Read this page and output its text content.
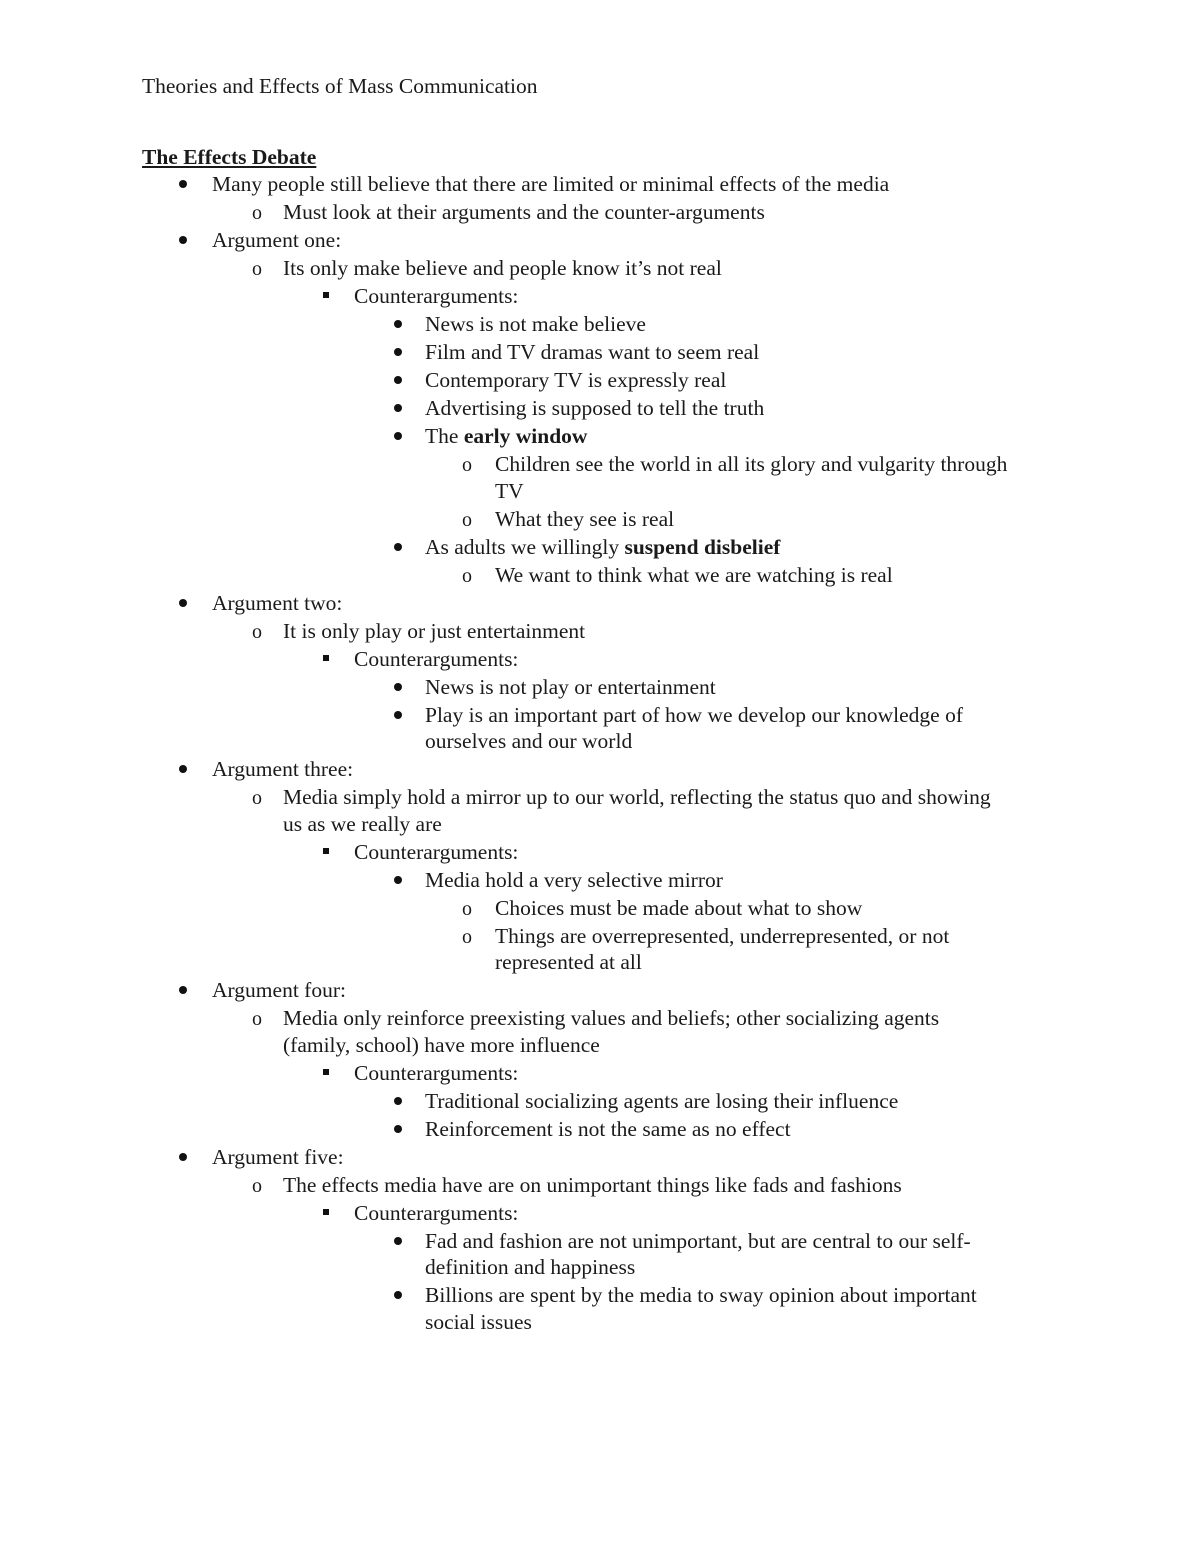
Theories and Effects of Mass Communication
The Effects Debate
Many people still believe that there are limited or minimal effects of the media
o Must look at their arguments and the counter-arguments
Argument one:
o Its only make believe and people know it’s not real
Counterarguments:
News is not make believe
Film and TV dramas want to seem real
Contemporary TV is expressly real
Advertising is supposed to tell the truth
The early window
o Children see the world in all its glory and vulgarity through
TV
o What they see is real
As adults we willingly suspend disbelief
o We want to think what we are watching is real
Argument two:
o It is only play or just entertainment
Counterarguments:
News is not play or entertainment
Play is an important part of how we develop our knowledge of
ourselves and our world
Argument three:
o Media simply hold a mirror up to our world, reflecting the status quo and showing
us as we really are
Counterarguments:
Media hold a very selective mirror
o Choices must be made about what to show
o Things are overrepresented, underrepresented, or not
represented at all
Argument four:
o Media only reinforce preexisting values and beliefs; other socializing agents
(family, school) have more influence
Counterarguments:
Traditional socializing agents are losing their influence
Reinforcement is not the same as no effect
Argument five:
o The effects media have are on unimportant things like fads and fashions
Counterarguments:
Fad and fashion are not unimportant, but are central to our self-
definition and happiness
Billions are spent by the media to sway opinion about important
social issues
